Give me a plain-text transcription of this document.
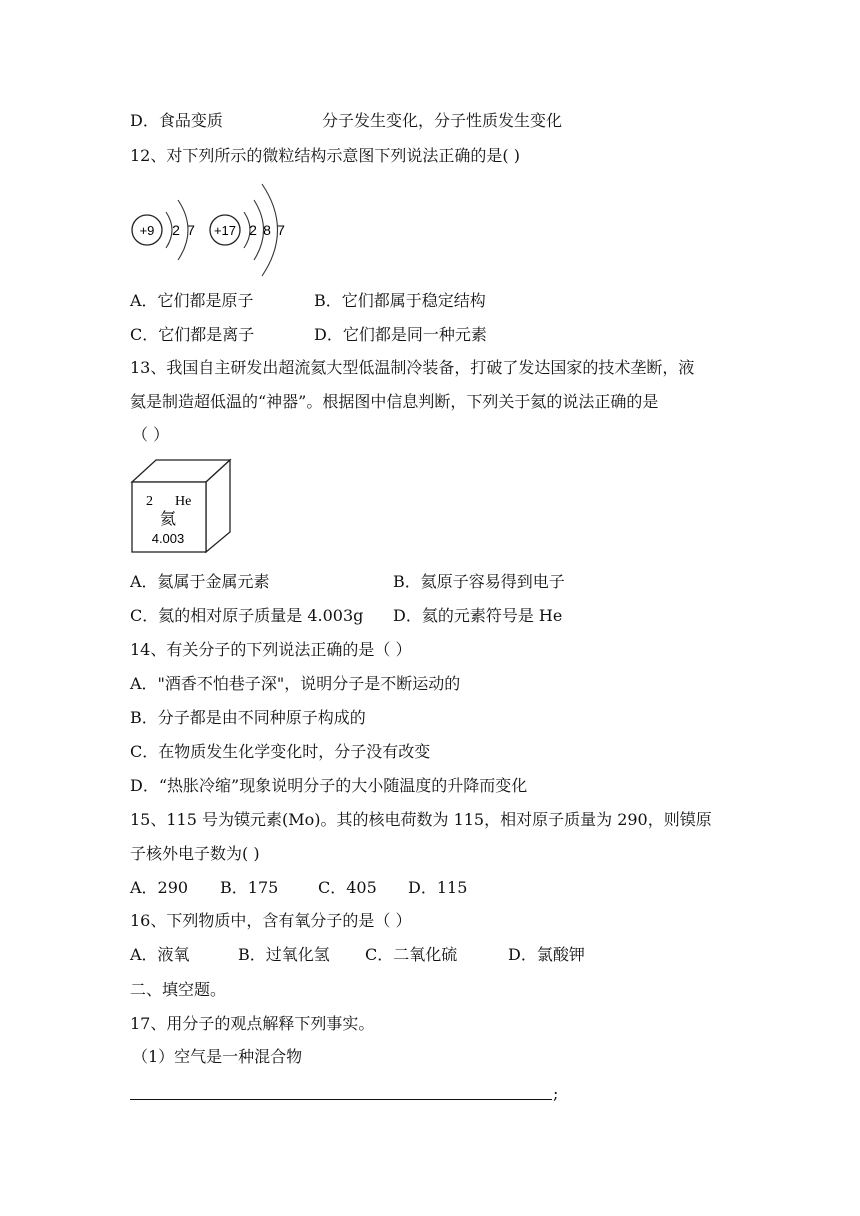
D．食品变质	分子发生变化，分子性质发生变化
12、对下列所示的微粒结构示意图下列说法正确的是( )
+9 2 7 +17 2 8 7
A．它们都是原子	B．它们都属于稳定结构
C．它们都是离子	D．它们都是同一种元素
13、我国自主研发出超流氦大型低温制冷装备，打破了发达国家的技术垄断，液
氦是制造超低温的“神器”。根据图中信息判断，下列关于氦的说法正确的是
（ ）
2 He
氦
4.003
A．氦属于金属元素	B．氦原子容易得到电子
C．氦的相对原子质量是 4.003g D．氦的元素符号是 He
14、有关分子的下列说法正确的是（ ）
A．"酒香不怕巷子深"，说明分子是不断运动的
B．分子都是由不同种原子构成的
C．在物质发生化学变化时，分子没有改变
D．“热胀冷缩”现象说明分子的大小随温度的升降而变化
15、115 号为镆元素(Mo)。其的核电荷数为 115，相对原子质量为 290，则镆原
子核外电子数为( )
A．290 B．175 C．405 D．115
16、下列物质中，含有氧分子的是（ ）
A．液氧	B．过氧化氢 C．二氧化硫	D．氯酸钾
二、填空题。
17、用分子的观点解释下列事实。
（1）空气是一种混合物
;
